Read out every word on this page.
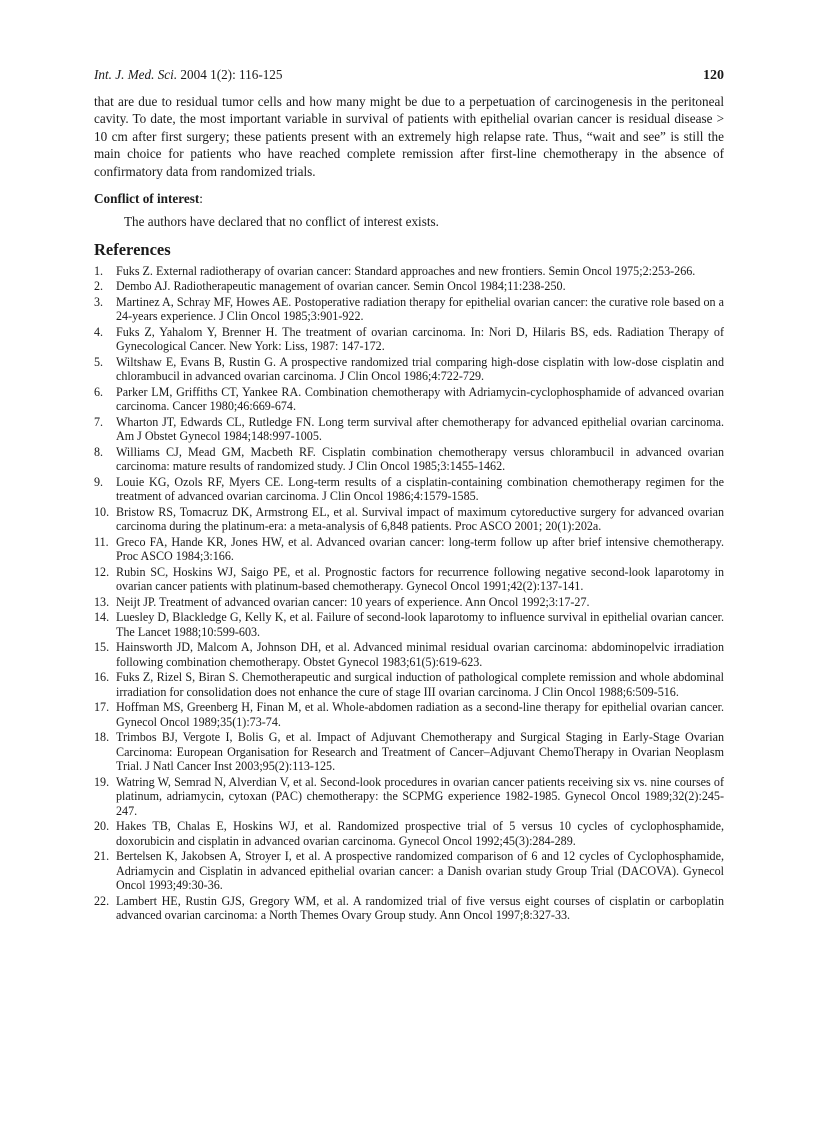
Int. J. Med. Sci. 2004 1(2): 116-125	120

that are due to residual tumor cells and how many might be due to a perpetuation of carcinogenesis in the peritoneal cavity. To date, the most important variable in survival of patients with epithelial ovarian cancer is residual disease > 10 cm after first surgery; these patients present with an extremely high relapse rate. Thus, “wait and see” is still the main choice for patients who have reached complete remission after first-line chemotherapy in the absence of confirmatory data from randomized trials.

Conflict of interest:
The authors have declared that no conflict of interest exists.
References
1.	Fuks Z. External radiotherapy of ovarian cancer: Standard approaches and new frontiers. Semin Oncol 1975;2:253-266.
2.	Dembo AJ. Radiotherapeutic management of ovarian cancer. Semin Oncol 1984;11:238-250.
3.	Martinez A, Schray MF, Howes AE. Postoperative radiation therapy for epithelial ovarian cancer: the curative role based on a 24-years experience. J Clin Oncol 1985;3:901-922.
4.	Fuks Z, Yahalom Y, Brenner H. The treatment of ovarian carcinoma. In: Nori D, Hilaris BS, eds. Radiation Therapy of Gynecological Cancer. New York: Liss, 1987: 147-172.
5.	Wiltshaw E, Evans B, Rustin G. A prospective randomized trial comparing high-dose cisplatin with low-dose cisplatin and chlorambucil in advanced ovarian carcinoma. J Clin Oncol 1986;4:722-729.
6.	Parker LM, Griffiths CT, Yankee RA. Combination chemotherapy with Adriamycin-cyclophosphamide of advanced ovarian carcinoma. Cancer 1980;46:669-674.
7.	Wharton JT, Edwards CL, Rutledge FN. Long term survival after chemotherapy for advanced epithelial ovarian carcinoma. Am J Obstet Gynecol 1984;148:997-1005.
8.	Williams CJ, Mead GM, Macbeth RF. Cisplatin combination chemotherapy versus chlorambucil in advanced ovarian carcinoma: mature results of randomized study. J Clin Oncol 1985;3:1455-1462.
9.	Louie KG, Ozols RF, Myers CE. Long-term results of a cisplatin-containing combination chemotherapy regimen for the treatment of advanced ovarian carcinoma. J Clin Oncol 1986;4:1579-1585.
10. Bristow RS, Tomacruz DK, Armstrong EL, et al. Survival impact of maximum cytoreductive surgery for advanced ovarian carcinoma during the platinum-era: a meta-analysis of 6,848 patients. Proc ASCO 2001; 20(1):202a.
11. Greco FA, Hande KR, Jones HW, et al. Advanced ovarian cancer: long-term follow up after brief intensive chemotherapy. Proc ASCO 1984;3:166.
12. Rubin SC, Hoskins WJ, Saigo PE, et al. Prognostic factors for recurrence following negative second-look laparotomy in ovarian cancer patients with platinum-based chemotherapy. Gynecol Oncol 1991;42(2):137-141.
13. Neijt JP. Treatment of advanced ovarian cancer: 10 years of experience. Ann Oncol 1992;3:17-27.
14. Luesley D, Blackledge G, Kelly K, et al. Failure of second-look laparotomy to influence survival in epithelial ovarian cancer. The Lancet 1988;10:599-603.
15. Hainsworth JD, Malcom A, Johnson DH, et al. Advanced minimal residual ovarian carcinoma: abdominopelvic irradiation following combination chemotherapy. Obstet Gynecol 1983;61(5):619-623.
16. Fuks Z, Rizel S, Biran S. Chemotherapeutic and surgical induction of pathological complete remission and whole abdominal irradiation for consolidation does not enhance the cure of stage III ovarian carcinoma. J Clin Oncol 1988;6:509-516.
17. Hoffman MS, Greenberg H, Finan M, et al. Whole-abdomen radiation as a second-line therapy for epithelial ovarian cancer. Gynecol Oncol 1989;35(1):73-74.
18. Trimbos BJ, Vergote I, Bolis G, et al. Impact of Adjuvant Chemotherapy and Surgical Staging in Early-Stage Ovarian Carcinoma: European Organisation for Research and Treatment of Cancer–Adjuvant ChemoTherapy in Ovarian Neoplasm Trial. J Natl Cancer Inst 2003;95(2):113-125.
19. Watring W, Semrad N, Alverdian V, et al. Second-look procedures in ovarian cancer patients receiving six vs. nine courses of platinum, adriamycin, cytoxan (PAC) chemotherapy: the SCPMG experience 1982-1985. Gynecol Oncol 1989;32(2):245-247.
20. Hakes TB, Chalas E, Hoskins WJ, et al. Randomized prospective trial of 5 versus 10 cycles of cyclophosphamide, doxorubicin and cisplatin in advanced ovarian carcinoma. Gynecol Oncol 1992;45(3):284-289.
21. Bertelsen K, Jakobsen A, Stroyer I, et al. A prospective randomized comparison of 6 and 12 cycles of Cyclophosphamide, Adriamycin and Cisplatin in advanced epithelial ovarian cancer: a Danish ovarian study Group Trial (DACOVA). Gynecol Oncol 1993;49:30-36.
22. Lambert HE, Rustin GJS, Gregory WM, et al. A randomized trial of five versus eight courses of cisplatin or carboplatin advanced ovarian carcinoma: a North Themes Ovary Group study. Ann Oncol 1997;8:327-33.
